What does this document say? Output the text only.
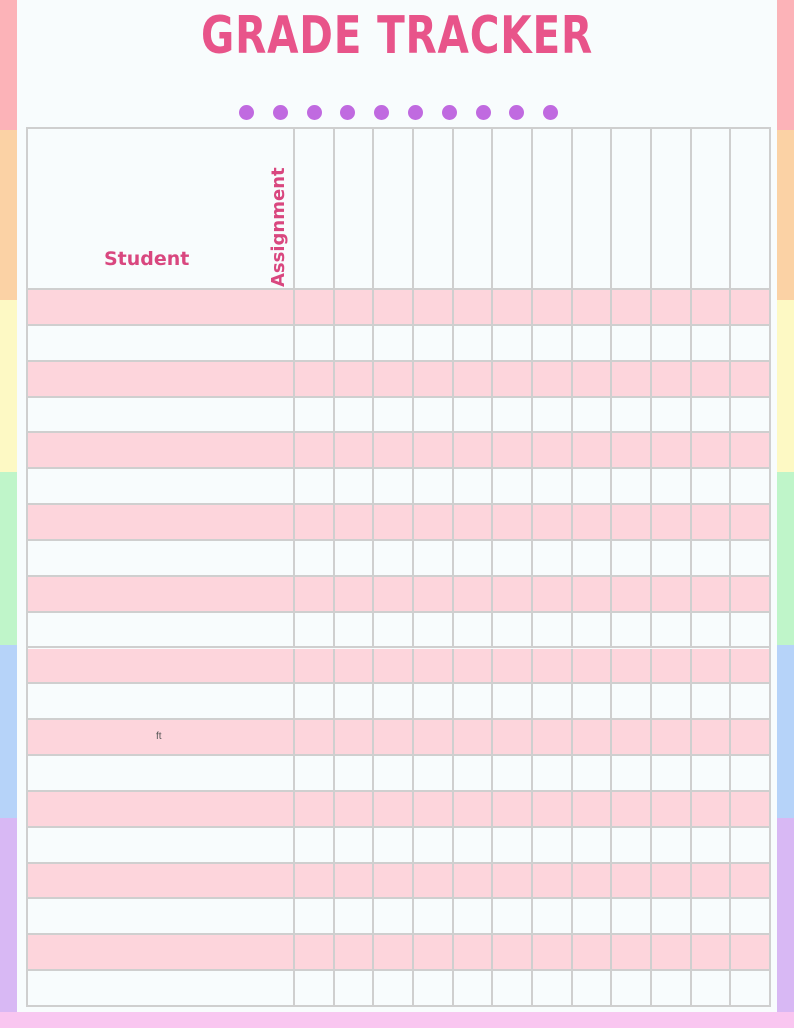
GRADE TRACKER
Student	Assignment
ft
